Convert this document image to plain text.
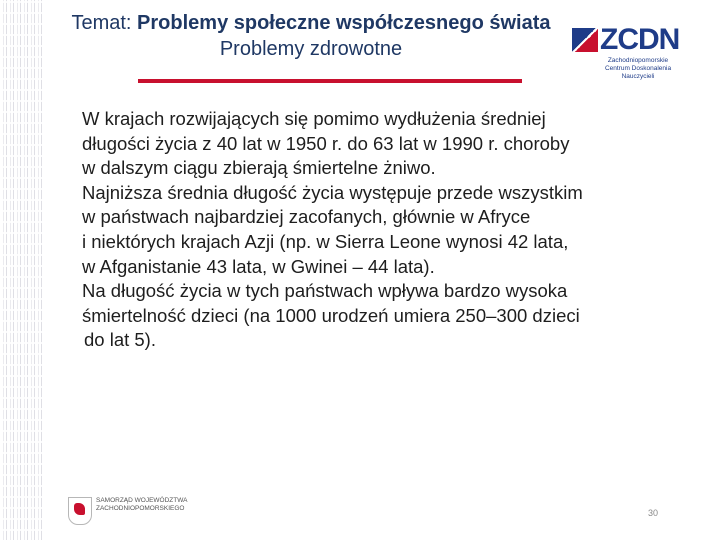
Temat: Problemy społeczne współczesnego świata
Problemy zdrowotne	ZCDN
Zachodniopomorskie
Centrum Doskonalenia Nauczycieli

W krajach rozwijających się pomimo wydłużenia średniej
długości życia z 40 lat w 1950 r. do 63 lat w 1990 r. choroby
w dalszym ciągu zbierają śmiertelne żniwo.

Najniższa średnia długość życia występuje przede wszystkim
w państwach najbardziej zacofanych, głównie w Afryce
i niektórych krajach Azji (np. w Sierra Leone wynosi 42 lata,
w Afganistanie 43 lata, w Gwinei – 44 lata).

Na długość życia w tych państwach wpływa bardzo wysoka
śmiertelność dzieci (na 1000 urodzeń umiera 250–300 dzieci
do lat 5).

SAMORZĄD WOJEWÓDZTWA
ZACHODNIOPOMORSKIEGO	30
